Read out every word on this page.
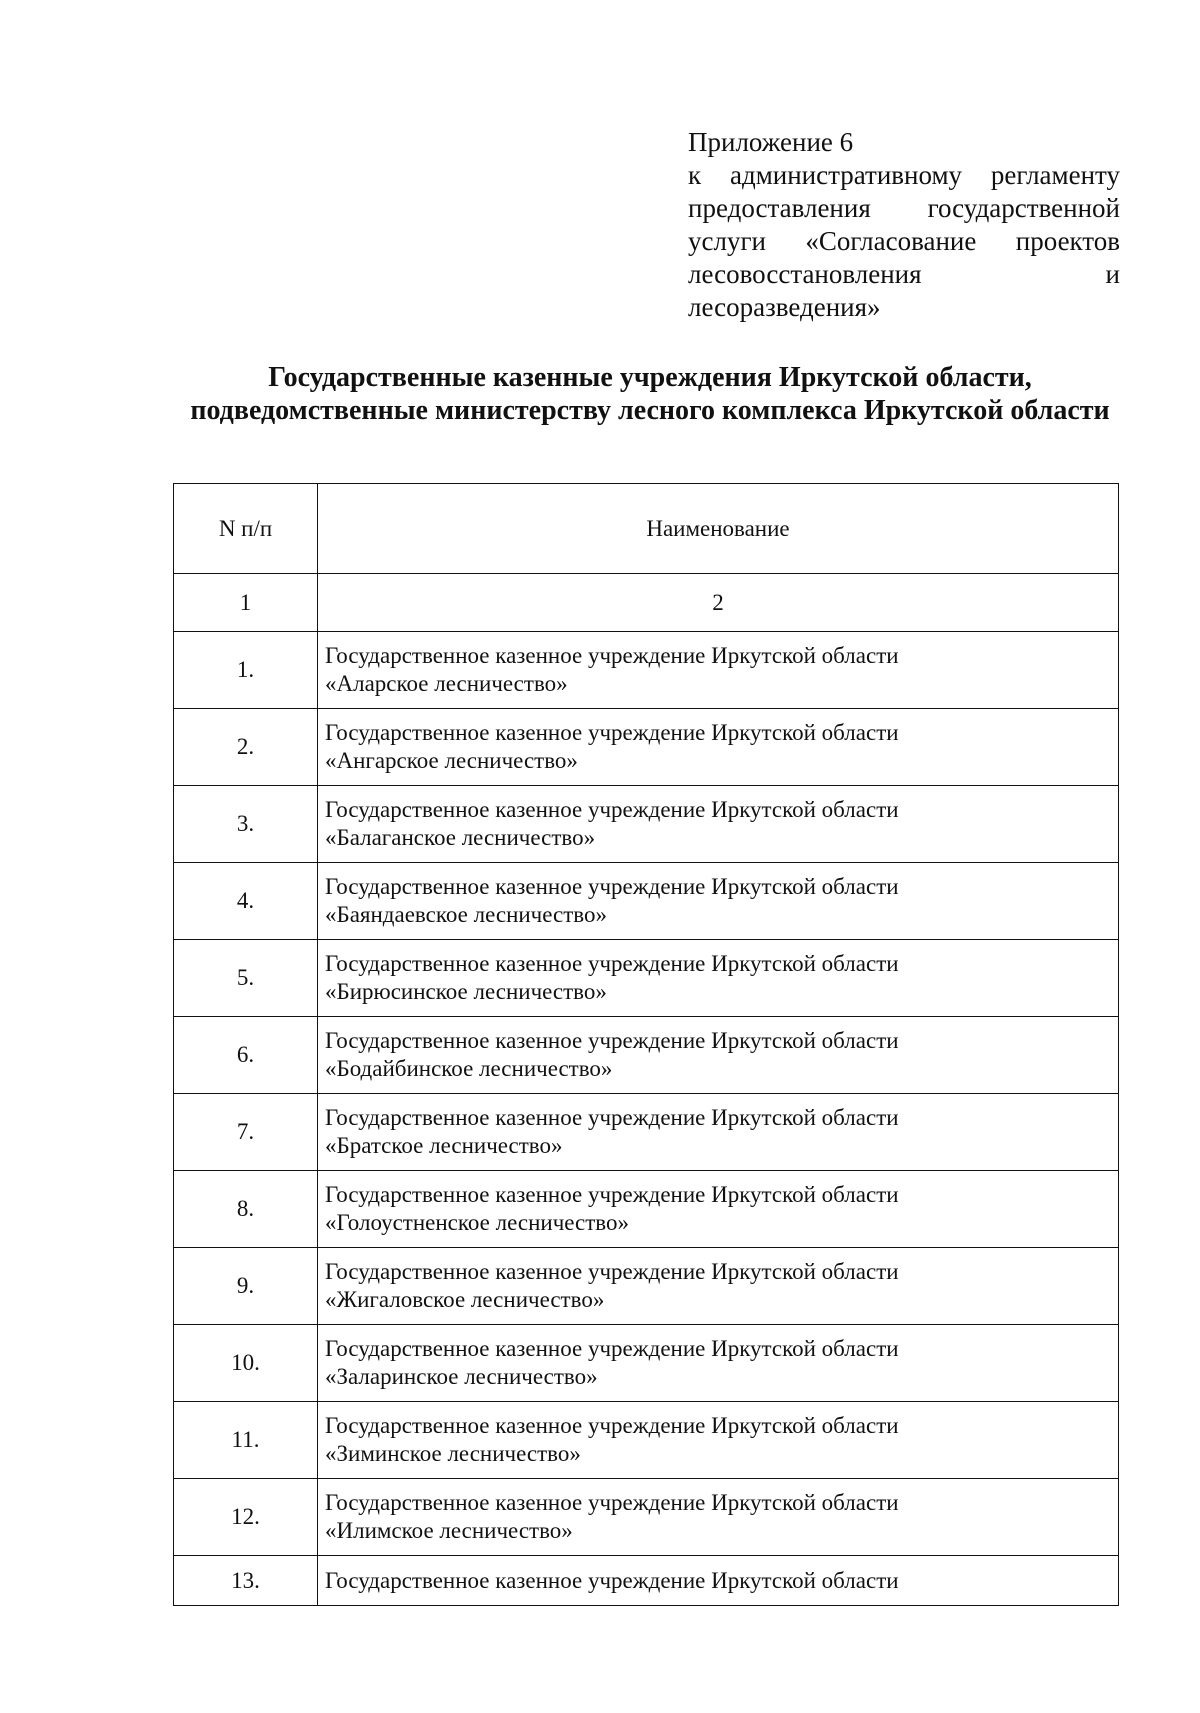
Приложение 6
к административному регламенту
предоставления государственной
услуги «Согласование проектов
лесовосстановления и
лесоразведения»
Государственные казенные учреждения Иркутской области,
подведомственные министерству лесного комплекса Иркутской области
N п/п	Наименование
1	2
1.	Государственное казенное учреждение Иркутской области
«Аларское лесничество»

2.	Государственное казенное учреждение Иркутской области
«Ангарское лесничество»

3.	Государственное казенное учреждение Иркутской области
«Балаганское лесничество»

4.	Государственное казенное учреждение Иркутской области
«Баяндаевское лесничество»

5.	Государственное казенное учреждение Иркутской области
«Бирюсинское лесничество»

6.	Государственное казенное учреждение Иркутской области
«Бодайбинское лесничество»

7.	Государственное казенное учреждение Иркутской области
«Братское лесничество»

8.	Государственное казенное учреждение Иркутской области
«Голоустненское лесничество»

9.	Государственное казенное учреждение Иркутской области
«Жигаловское лесничество»

10.	Государственное казенное учреждение Иркутской области
«Заларинское лесничество»

11.	Государственное казенное учреждение Иркутской области
«Зиминское лесничество»

12.	Государственное казенное учреждение Иркутской области
«Илимское лесничество»

13.	Государственное казенное учреждение Иркутской области
